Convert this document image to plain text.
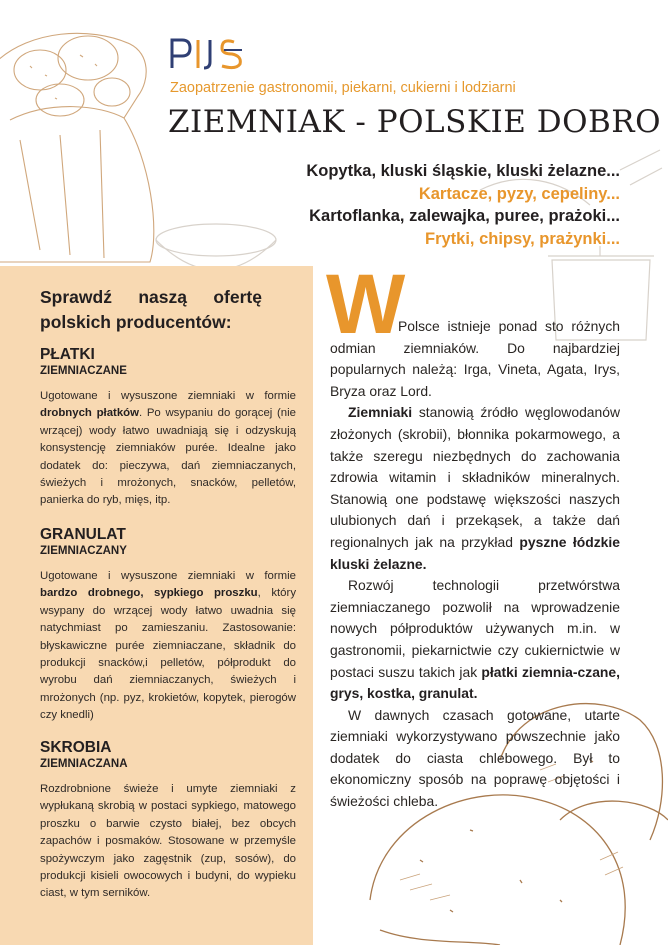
Zaopatrzenie gastronomii, piekarni, cukierni i lodziarni
ZIEMNIAK - POLSKIE DOBRO
Kopytka, kluski śląskie, kluski żelazne...
Kartacze, pyzy, cepeliny...
Kartoflanka, zalewajka, puree, prażoki...
Frytki, chipsy, prażynki...
Sprawdź naszą ofertę
polskich producentów:
PŁATKI
ZIEMNIACZANE

Ugotowane i wysuszone ziemniaki w formie drobnych płatków. Po wsypaniu do gorącej (nie wrzącej) wody łatwo uwadniają się i odzyskują konsystencję ziemniaków purée. Idealne jako dodatek do: pieczywa, dań ziemniaczanych, świeżych i mrożonych, snacków, pelletów, panierka do ryb, mięs, itp.

GRANULAT
ZIEMNIACZANY

Ugotowane i wysuszone ziemniaki w formie bardzo drobnego, sypkiego proszku, który wsypany do wrzącej wody łatwo uwadnia się natychmiast po zamieszaniu. Zastosowanie: błyskawiczne purée ziemniaczane, składnik do produkcji snacków,i pelletów, półprodukt do wyrobu dań ziemniaczanych, świeżych i mrożonych (np. pyz, krokietów, kopytek, pierogów czy knedli)

SKROBIA
ZIEMNIACZANA

Rozdrobnione świeże i umyte ziemniaki z wypłukaną skrobią w postaci sypkiego, matowego proszku o barwie czysto białej, bez obcych zapachów i posmaków. Stosowane w przemyśle spożywczym jako zagęstnik (zup, sosów), do produkcji kisieli owocowych i budyni, do wypieku ciast, w tym serników.

W

Polsce istnieje ponad sto różnych odmian ziemniaków. Do najbardziej popularnych należą: Irga, Vineta, Agata, Irys, Bryza oraz Lord.

Ziemniaki stanowią źródło węglowodanów złożonych (skrobii), błonnika pokarmowego, a także szeregu niezbędnych do zachowania zdrowia witamin i składników mineralnych. Stanowią one podstawę większości naszych ulubionych dań i przekąsek, a także dań regionalnych jak na przykład pyszne łódzkie kluski żelazne.

Rozwój technologii przetwórstwa ziemniaczanego pozwolił na wprowadzenie nowych półproduktów używanych m.in. w gastronomii, piekarnictwie czy cukiernictwie w postaci suszu takich jak płatki ziemnia-czane, grys, kostka, granulat.

W dawnych czasach gotowane, utarte ziemniaki wykorzystywano powszechnie jako dodatek do ciasta chlebowego. Był to ekonomiczny sposób na poprawę objętości i świeżości chleba.
